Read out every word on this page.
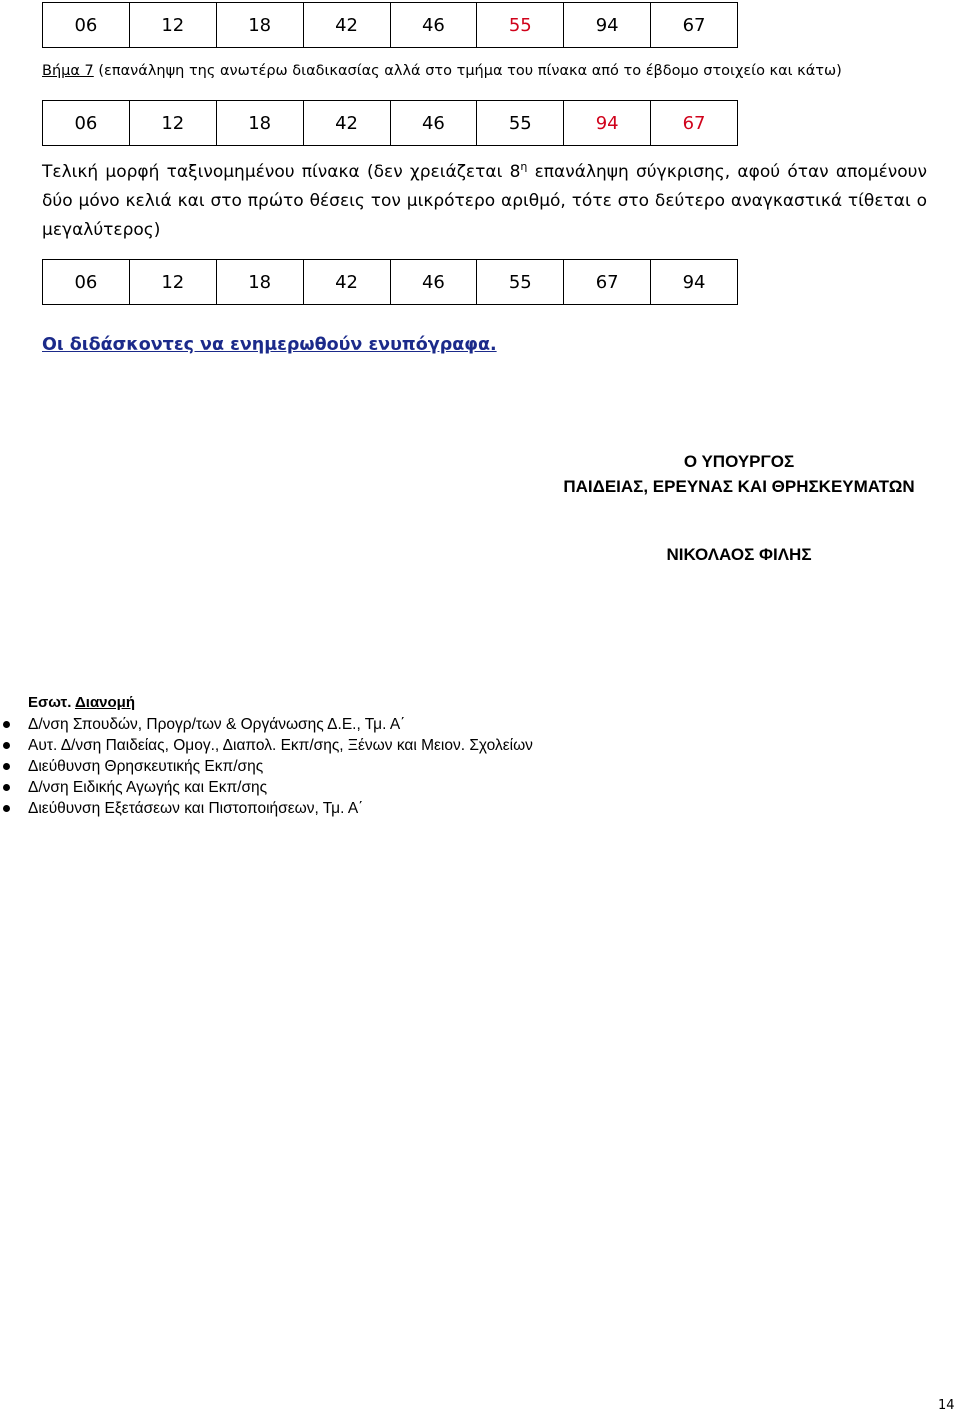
06	12	18	42	46	55	94	67

Βήμα 7 (επανάληψη της ανωτέρω διαδικασίας αλλά στο τμήμα του πίνακα από το έβδομο στοιχείο και κάτω)

06	12	18	42	46	55	94	67

Τελική μορφή ταξινομημένου πίνακα (δεν χρειάζεται $8^\eta$ επανάληψη σύγκρισης, αφού όταν απομένουν δύο μόνο κελιά και στο πρώτο θέσεις τον μικρότερο αριθμό, τότε στο δεύτερο αναγκαστικά τίθεται ο μεγαλύτερος)

06	12	18	42	46	55	67	94

Οι διδάσκοντες να ενημερωθούν ενυπόγραφα.

Ο ΥΠΟΥΡΓΟΣ

ΠΑΙΔΕΙΑΣ, ΕΡΕΥΝΑΣ ΚΑΙ ΘΡΗΣΚΕΥΜΑΤΩΝ

ΝΙΚΟΛΑΟΣ ΦΙΛΗΣ

Εσωτ. Διανομή

Δ/νση Σπουδών, Προγρ/των & Οργάνωσης Δ.Ε., Τμ. Α΄
Αυτ. Δ/νση Παιδείας, Ομογ., Διαπολ. Εκπ/σης, Ξένων και Μειον. Σχολείων
Διεύθυνση Θρησκευτικής Εκπ/σης
Δ/νση Ειδικής Αγωγής και Εκπ/σης
Διεύθυνση Εξετάσεων και Πιστοποιήσεων, Τμ. Α΄

14
